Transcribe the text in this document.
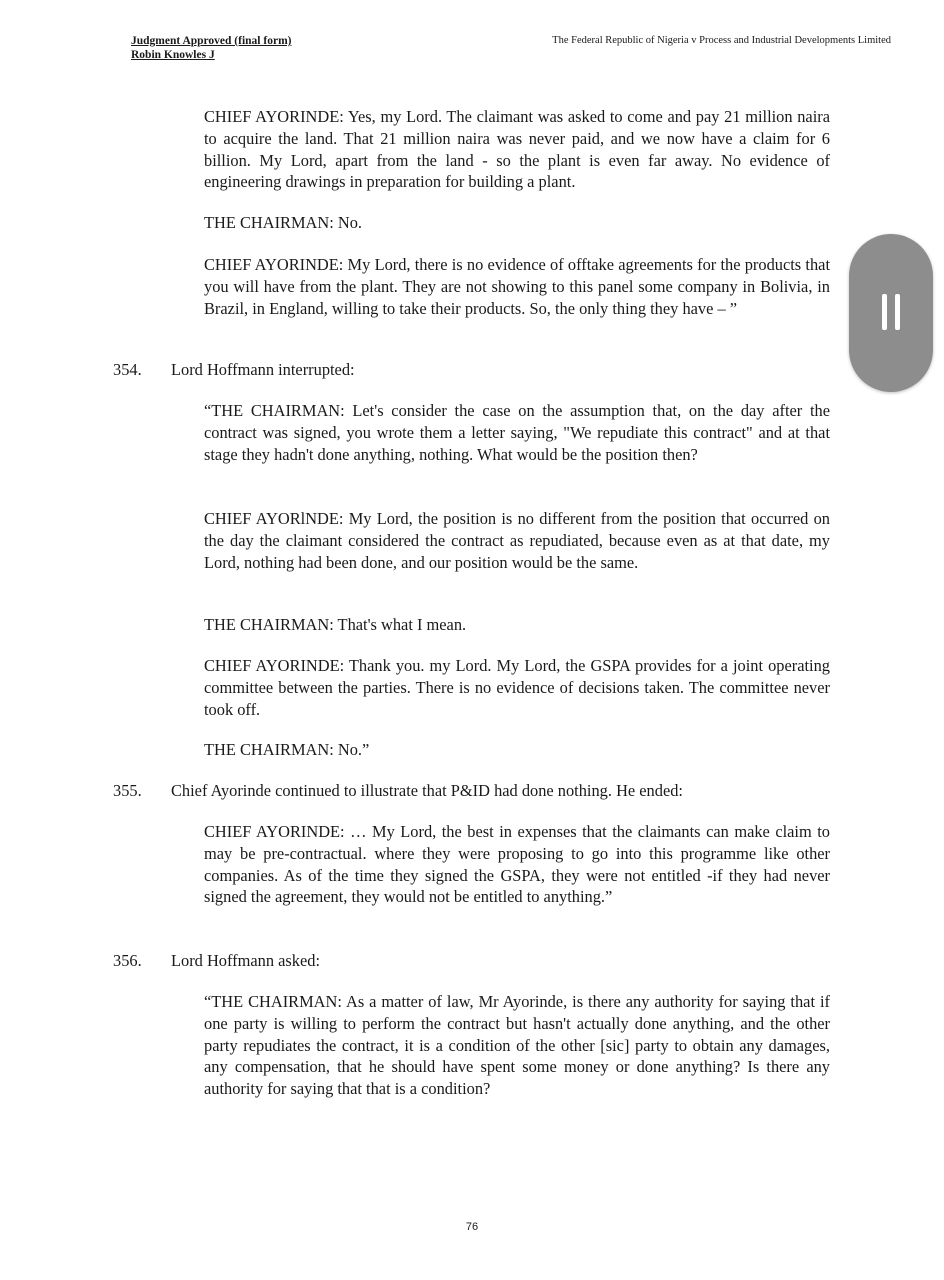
Judgment Approved (final form)
Robin Knowles J
The Federal Republic of Nigeria v Process and Industrial Developments Limited

CHIEF AYORINDE: Yes, my Lord. The claimant was asked to come and pay 21 million naira to acquire the land. That 21 million naira was never paid, and we now have a claim for 6 billion. My Lord, apart from the land - so the plant is even far away. No evidence of engineering drawings in preparation for building a plant.

THE CHAIRMAN: No.

CHIEF AYORINDE: My Lord, there is no evidence of offtake agreements for the products that you will have from the plant. They are not showing to this panel some company in Bolivia, in Brazil, in England, willing to take their products. So, the only thing they have – ”

354. Lord Hoffmann interrupted:

“THE CHAIRMAN: Let's consider the case on the assumption that, on the day after the contract was signed, you wrote them a letter saying, "We repudiate this contract" and at that stage they hadn't done anything, nothing. What would be the position then?

CHIEF AYORlNDE: My Lord, the position is no different from the position that occurred on the day the claimant considered the contract as repudiated, because even as at that date, my Lord, nothing had been done, and our position would be the same.

THE CHAIRMAN: That's what I mean.

CHIEF AYORINDE: Thank you. my Lord. My Lord, the GSPA provides for a joint operating committee between the parties. There is no evidence of decisions taken. The committee never took off.

THE CHAIRMAN: No.”

355. Chief Ayorinde continued to illustrate that P&ID had done nothing. He ended:

CHIEF AYORINDE: … My Lord, the best in expenses that the claimants can make claim to may be pre-contractual. where they were proposing to go into this programme like other companies. As of the time they signed the GSPA, they were not entitled -if they had never signed the agreement, they would not be entitled to anything.”

356. Lord Hoffmann asked:

“THE CHAIRMAN: As a matter of law, Mr Ayorinde, is there any authority for saying that if one party is willing to perform the contract but hasn't actually done anything, and the other party repudiates the contract, it is a condition of the other [sic] party to obtain any damages, any compensation, that he should have spent some money or done anything? Is there any authority for saying that that is a condition?

76
